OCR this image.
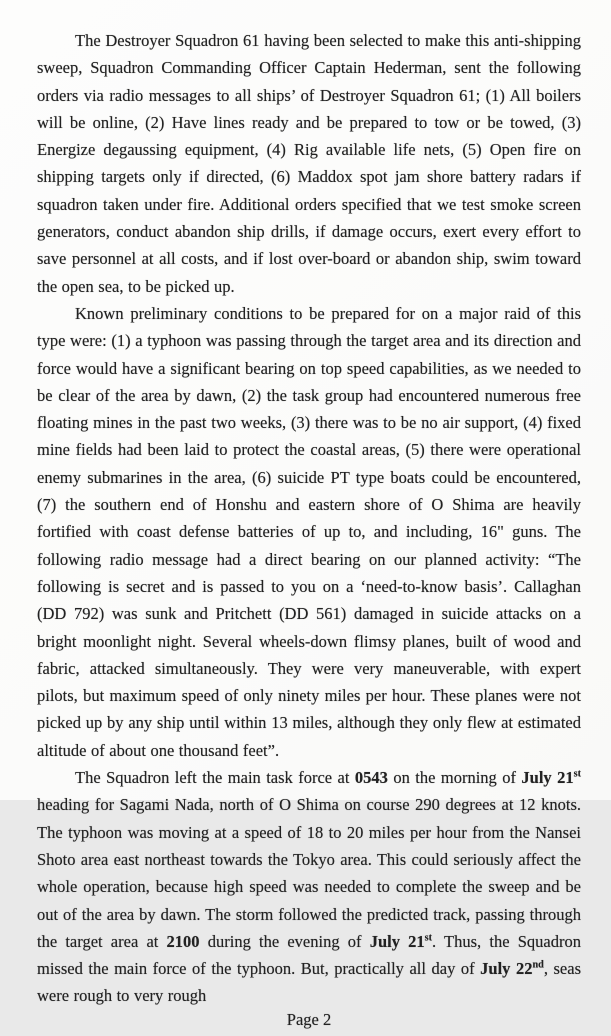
The Destroyer Squadron 61 having been selected to make this anti-shipping sweep, Squadron Commanding Officer Captain Hederman, sent the following orders via radio messages to all ships’ of Destroyer Squadron 61; (1) All boilers will be online, (2) Have lines ready and be prepared to tow or be towed, (3) Energize degaussing equipment, (4) Rig available life nets, (5) Open fire on shipping targets only if directed, (6) Maddox spot jam shore battery radars if squadron taken under fire. Additional orders specified that we test smoke screen generators, conduct abandon ship drills, if damage occurs, exert every effort to save personnel at all costs, and if lost over-board or abandon ship, swim toward the open sea, to be picked up.

Known preliminary conditions to be prepared for on a major raid of this type were: (1) a typhoon was passing through the target area and its direction and force would have a significant bearing on top speed capabilities, as we needed to be clear of the area by dawn, (2) the task group had encountered numerous free floating mines in the past two weeks, (3) there was to be no air support, (4) fixed mine fields had been laid to protect the coastal areas, (5) there were operational enemy submarines in the area, (6) suicide PT type boats could be encountered, (7) the southern end of Honshu and eastern shore of O Shima are heavily fortified with coast defense batteries of up to, and including, 16" guns. The following radio message had a direct bearing on our planned activity: “The following is secret and is passed to you on a ‘need-to-know basis’. Callaghan (DD 792) was sunk and Pritchett (DD 561) damaged in suicide attacks on a bright moonlight night. Several wheels-down flimsy planes, built of wood and fabric, attacked simultaneously. They were very maneuverable, with expert pilots, but maximum speed of only ninety miles per hour. These planes were not picked up by any ship until within 13 miles, although they only flew at estimated altitude of about one thousand feet”.

The Squadron left the main task force at 0543 on the morning of July 21st heading for Sagami Nada, north of O Shima on course 290 degrees at 12 knots. The typhoon was moving at a speed of 18 to 20 miles per hour from the Nansei Shoto area east northeast towards the Tokyo area. This could seriously affect the whole operation, because high speed was needed to complete the sweep and be out of the area by dawn. The storm followed the predicted track, passing through the target area at 2100 during the evening of July 21st. Thus, the Squadron missed the main force of the typhoon. But, practically all day of July 22nd, seas were rough to very rough

Page 2
